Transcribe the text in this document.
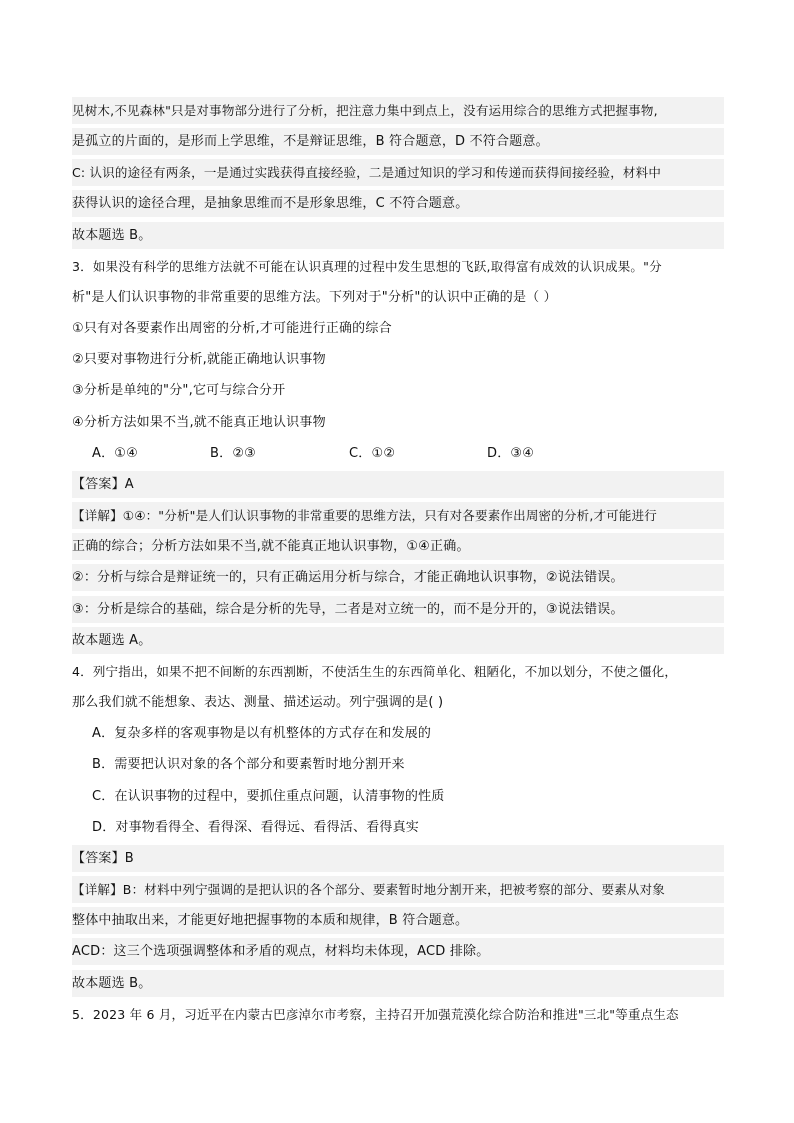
见树木,不见森林"只是对事物部分进行了分析，把注意力集中到点上，没有运用综合的思维方式把握事物,
是孤立的片面的，是形而上学思维，不是辩证思维，B 符合题意，D 不符合题意。
C: 认识的途径有两条，一是通过实践获得直接经验，二是通过知识的学习和传递而获得间接经验，材料中
获得认识的途径合理，是抽象思维而不是形象思维，C 不符合题意。
故本题选 B。
3．如果没有科学的思维方法就不可能在认识真理的过程中发生思想的飞跃,取得富有成效的认识成果。"分
析"是人们认识事物的非常重要的思维方法。下列对于"分析"的认识中正确的是（ ）
①只有对各要素作出周密的分析,才可能进行正确的综合
②只要对事物进行分析,就能正确地认识事物
③分析是单纯的"分",它可与综合分开
④分析方法如果不当,就不能真正地认识事物
A．①④	B．②③	C．①②	D．③④
【答案】A
【详解】①④："分析"是人们认识事物的非常重要的思维方法，只有对各要素作出周密的分析,才可能进行
正确的综合；分析方法如果不当,就不能真正地认识事物，①④正确。
②：分析与综合是辩证统一的，只有正确运用分析与综合，才能正确地认识事物，②说法错误。
③：分析是综合的基础，综合是分析的先导，二者是对立统一的，而不是分开的，③说法错误。
故本题选 A。
4．列宁指出，如果不把不间断的东西割断，不使活生生的东西简单化、粗陋化，不加以划分，不使之僵化，
那么我们就不能想象、表达、测量、描述运动。列宁强调的是( )
A．复杂多样的客观事物是以有机整体的方式存在和发展的
B．需要把认识对象的各个部分和要素暂时地分割开来
C．在认识事物的过程中，要抓住重点问题，认清事物的性质
D．对事物看得全、看得深、看得远、看得活、看得真实
【答案】B
【详解】B：材料中列宁强调的是把认识的各个部分、要素暂时地分割开来，把被考察的部分、要素从对象
整体中抽取出来，才能更好地把握事物的本质和规律，B 符合题意。
ACD：这三个选项强调整体和矛盾的观点，材料均未体现，ACD 排除。
故本题选 B。
5．2023 年 6 月，习近平在内蒙古巴彦淖尔市考察，主持召开加强荒漠化综合防治和推进"三北"等重点生态
